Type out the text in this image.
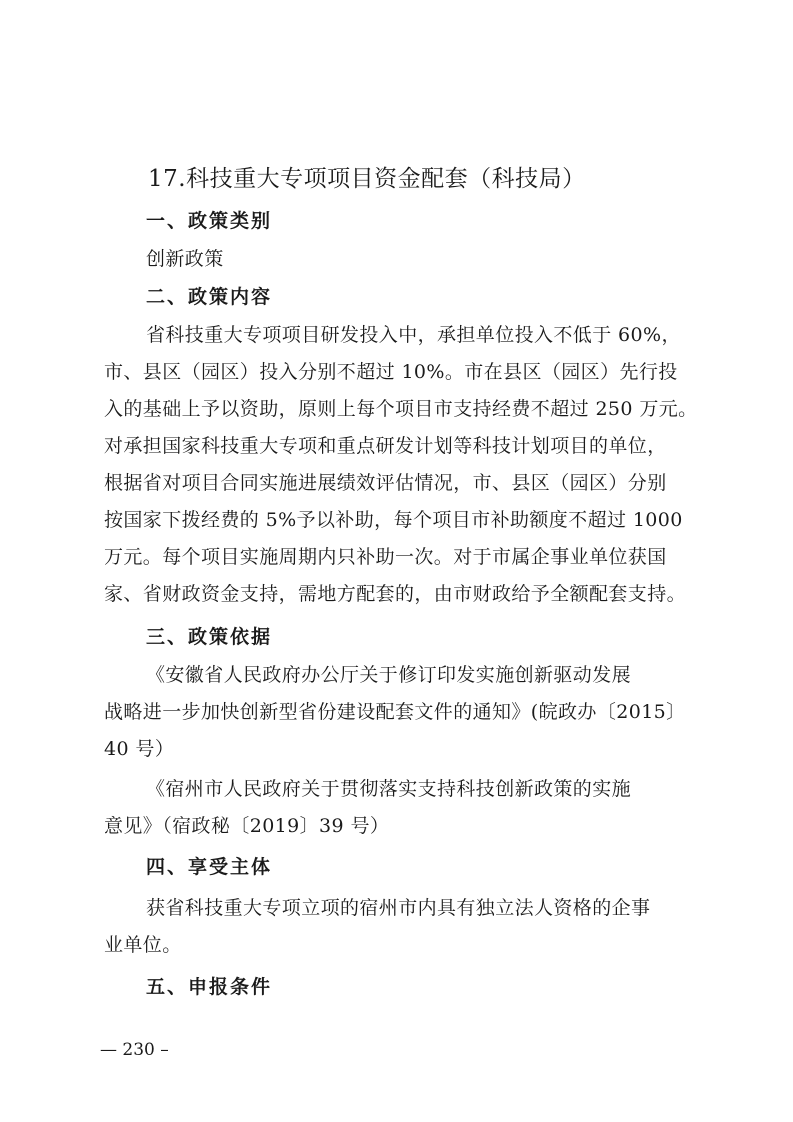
17.科技重大专项项目资金配套（科技局）
一、政策类别
创新政策
二、政策内容
省科技重大专项项目研发投入中，承担单位投入不低于 60%，
市、县区（园区）投入分别不超过 10%。市在县区（园区）先行投
入的基础上予以资助，原则上每个项目市支持经费不超过 250 万元。
对承担国家科技重大专项和重点研发计划等科技计划项目的单位，
根据省对项目合同实施进展绩效评估情况，市、县区（园区）分别
按国家下拨经费的 5%予以补助，每个项目市补助额度不超过 1000
万元。每个项目实施周期内只补助一次。对于市属企事业单位获国
家、省财政资金支持，需地方配套的，由市财政给予全额配套支持。
三、政策依据
《安徽省人民政府办公厅关于修订印发实施创新驱动发展
战略进一步加快创新型省份建设配套文件的通知》(皖政办〔2015〕
40 号）
《宿州市人民政府关于贯彻落实支持科技创新政策的实施
意见》（宿政秘〔2019〕39 号）
四、享受主体
获省科技重大专项立项的宿州市内具有独立法人资格的企事
业单位。
五、申报条件
— 230 –
